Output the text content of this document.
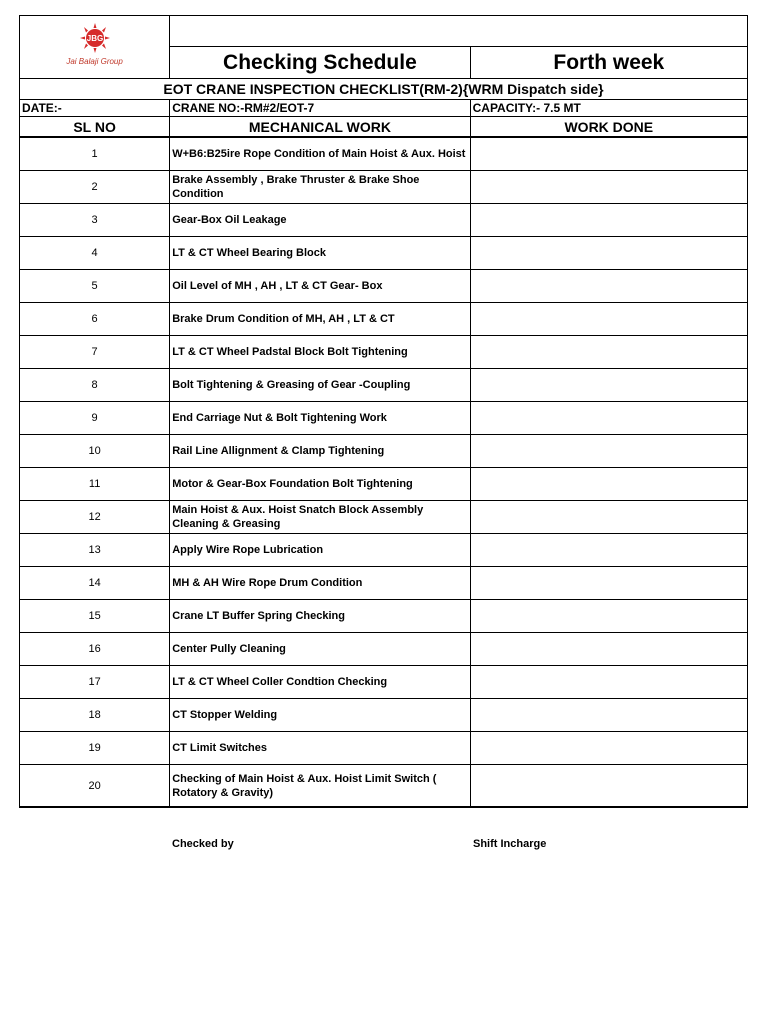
JBG
Jai Balaji Group		

	Checking Schedule	Forth week
EOT CRANE INSPECTION CHECKLIST(RM-2){WRM Dispatch side}		
DATE:-	CRANE NO:-RM#2/EOT-7	CAPACITY:- 7.5 MT
SL NO	MECHANICAL WORK	WORK DONE
1	W+B6:B25ire Rope Condition of Main Hoist & Aux. Hoist	
2	Brake Assembly , Brake Thruster & Brake Shoe Condition	
3	Gear-Box Oil Leakage	
4	LT & CT Wheel Bearing Block	
5	Oil Level of MH , AH , LT & CT Gear- Box	
6	Brake Drum Condition of MH, AH , LT & CT	
7	LT & CT Wheel Padstal Block Bolt Tightening	
8	Bolt Tightening & Greasing of Gear -Coupling	
9	End Carriage Nut & Bolt Tightening Work	
10	Rail Line Allignment & Clamp Tightening	
11	Motor & Gear-Box Foundation Bolt Tightening	
12	Main Hoist & Aux. Hoist Snatch Block Assembly Cleaning & Greasing	
13	Apply Wire Rope Lubrication	
14	MH & AH Wire Rope Drum Condition	
15	Crane LT Buffer Spring Checking	
16	Center Pully Cleaning	
17	LT & CT Wheel Coller Condtion Checking	
18	CT Stopper Welding	
19	CT Limit Switches	
20	Checking of Main Hoist & Aux. Hoist Limit Switch ( Rotatory & Gravity)	
Checked by	Shift Incharge
